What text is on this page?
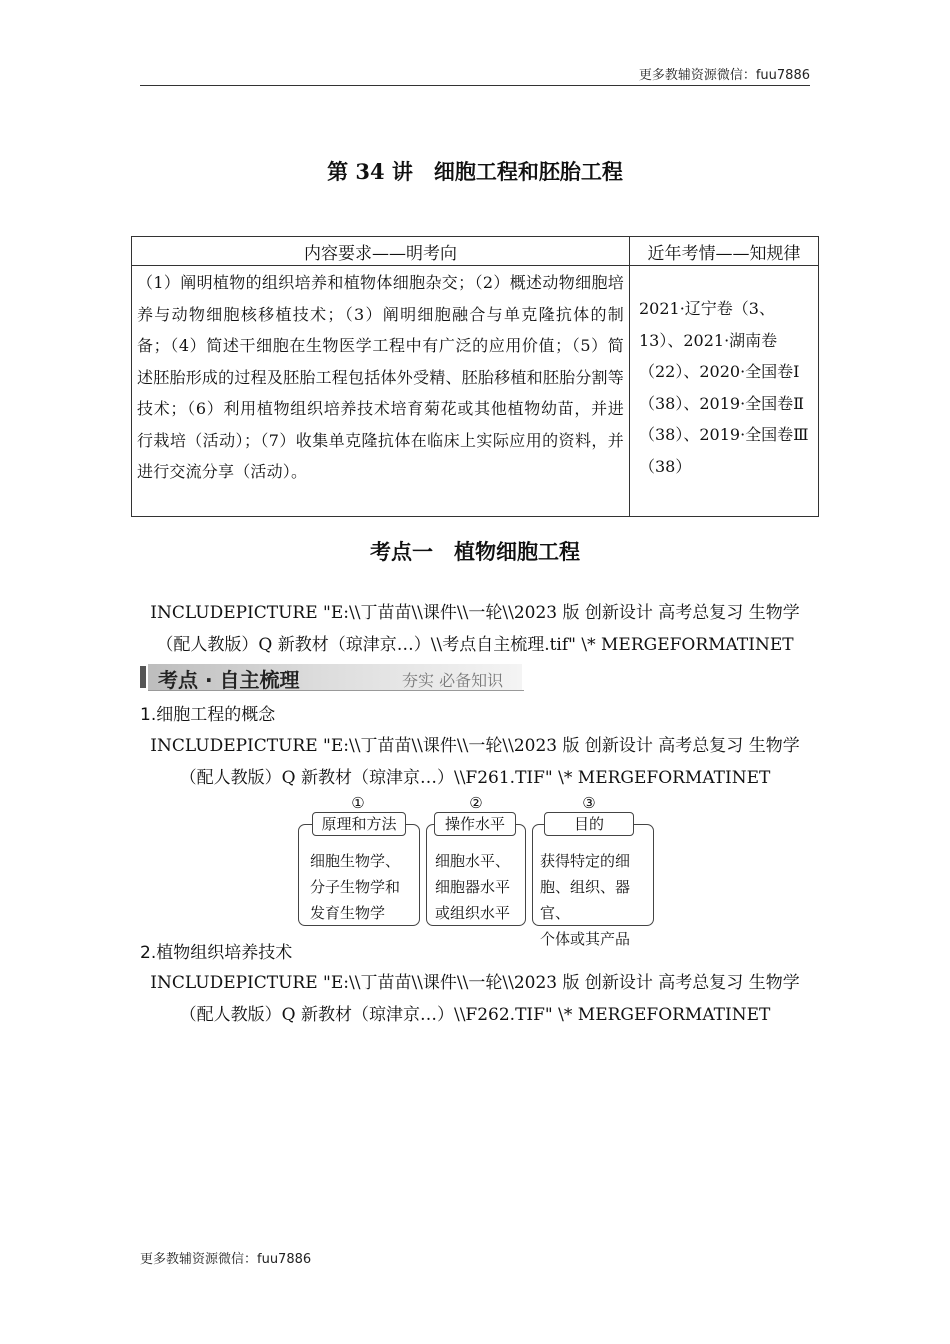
更多教辅资源微信：fuu7886
第 34 讲　细胞工程和胚胎工程
内容要求——明考向	近年考情——知规律

（1）阐明植物的组织培养和植物体细胞杂交；（2）概述动物细胞培养与动物细胞核移植技术；（3）阐明细胞融合与单克隆抗体的制备；（4）简述干细胞在生物医学工程中有广泛的应用价值；（5）简述胚胎形成的过程及胚胎工程包括体外受精、胚胎移植和胚胎分割等技术；（6）利用植物组织培养技术培育菊花或其他植物幼苗，并进行栽培（活动）；（7）收集单克隆抗体在临床上实际应用的资料，并进行交流分享（活动）。	2021·辽宁卷（3、13）、2021·湖南卷（22）、2020·全国卷Ⅰ（38）、2019·全国卷Ⅱ（38）、2019·全国卷Ⅲ（38）
考点一　植物细胞工程
INCLUDEPICTURE "E:\\丁苗苗\\课件\\一轮\\2023 版 创新设计 高考总复习 生物学（配人教版）Q 新教材（琼津京…）\\考点自主梳理.tif" \* MERGEFORMATINET
考点 · 自主梳理	夯实 必备知识
1.细胞工程的概念
INCLUDEPICTURE "E:\\丁苗苗\\课件\\一轮\\2023 版 创新设计 高考总复习 生物学（配人教版）Q 新教材（琼津京…）\\F261.TIF" \* MERGEFORMATINET
①
原理和方法
细胞生物学、
分子生物学和
发育生物学
②
操作水平
细胞水平、
细胞器水平
或组织水平
③
目的
获得特定的细
胞、组织、器官、
个体或其产品
2.植物组织培养技术
INCLUDEPICTURE "E:\\丁苗苗\\课件\\一轮\\2023 版 创新设计 高考总复习 生物学（配人教版）Q 新教材（琼津京…）\\F262.TIF" \* MERGEFORMATINET
更多教辅资源微信：fuu7886
